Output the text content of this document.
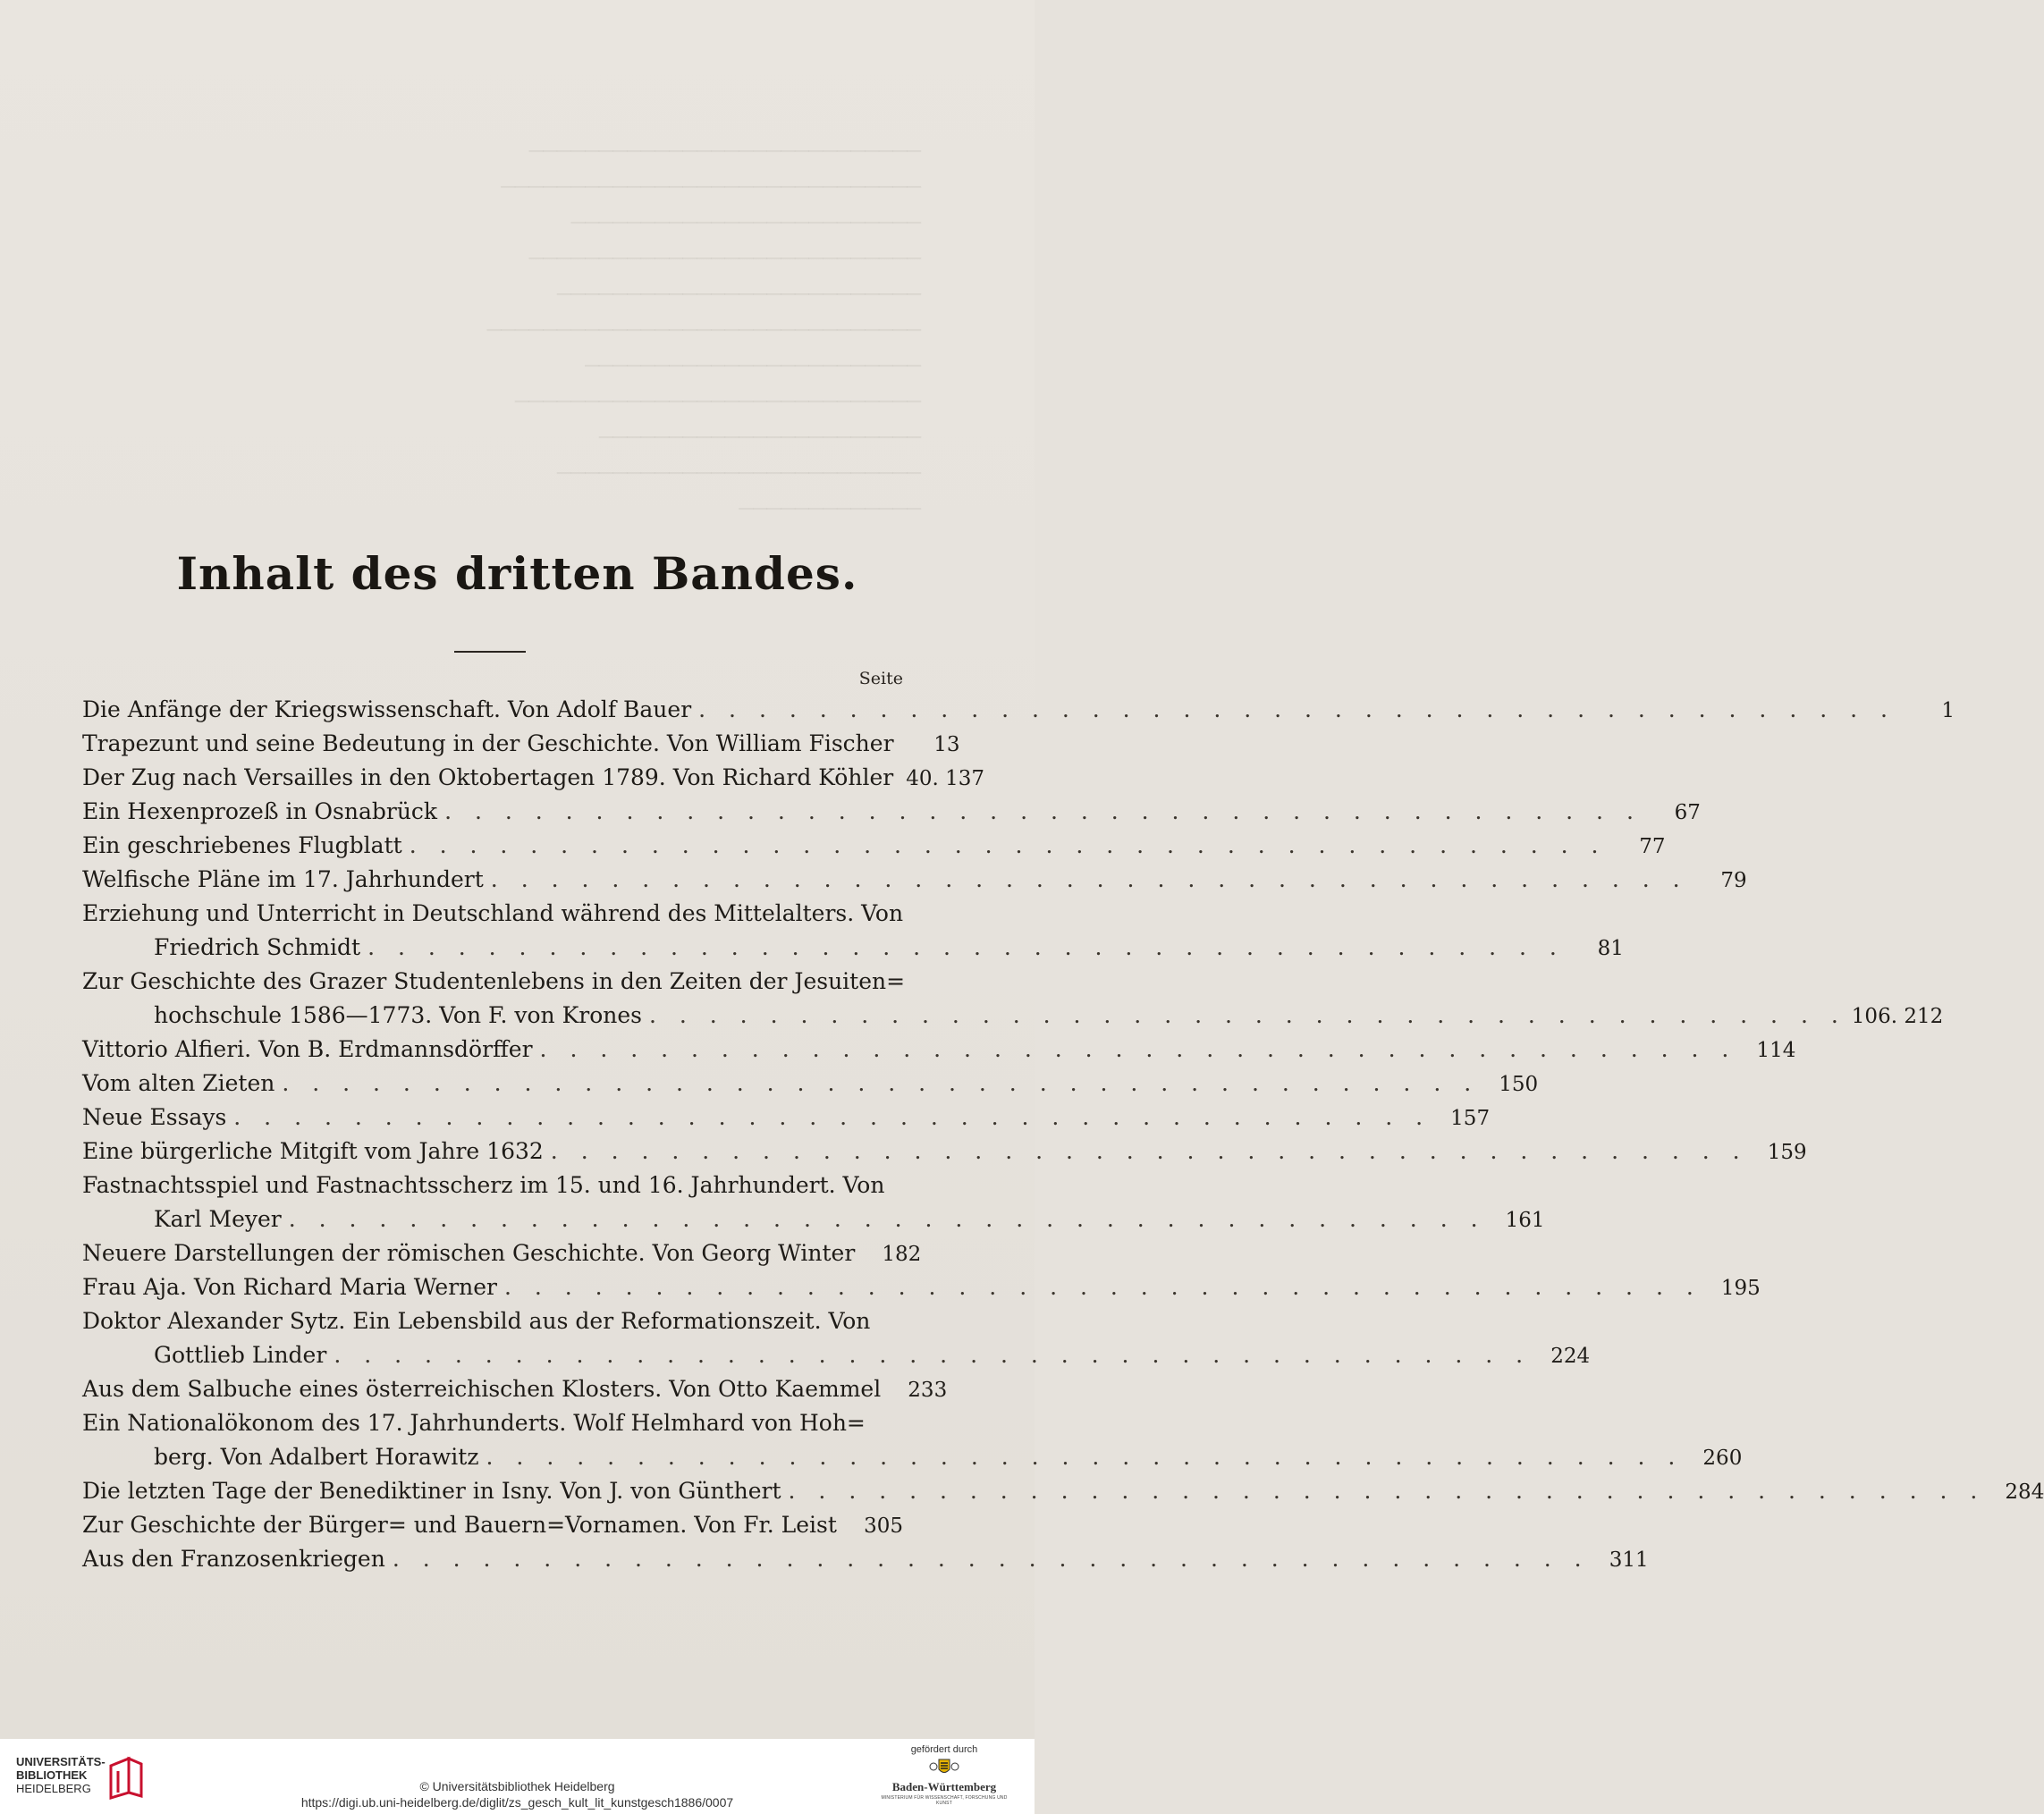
────────────────────────────
──────────────────────────────
─────────────────────────
────────────────────────────
──────────────────────────
───────────────────────────────
────────────────────────
─────────────────────────────
───────────────────────
──────────────────────────
─────────────

Inhalt des dritten Bandes.
Seite
Die Anfänge der Kriegswissenschaft. Von Adolf Bauer . . . . . . . . . . . . . . . . . . . . . . . . . . . . . . . . . . . . . . . .	1
Trapezunt und seine Bedeutung in der Geschichte. Von William Fischer	13
Der Zug nach Versailles in den Oktobertagen 1789. Von Richard Köhler 40. 137
Ein Hexenprozeß in Osnabrück . . . . . . . . . . . . . . . . . . . . . . . . . . . . . . . . . . . . . . . .	67
Ein geschriebenes Flugblatt . . . . . . . . . . . . . . . . . . . . . . . . . . . . . . . . . . . . . . . .	77
Welfische Pläne im 17. Jahrhundert . . . . . . . . . . . . . . . . . . . . . . . . . . . . . . . . . . . . . . . .	79
Erziehung und Unterricht in Deutschland während des Mittelalters. Von
Friedrich Schmidt . . . . . . . . . . . . . . . . . . . . . . . . . . . . . . . . . . . . . . . .	81
Zur Geschichte des Grazer Studentenlebens in den Zeiten der Jesuiten=
hochschule 1586—1773. Von F. von Krones . . . . . . . . . . . . . . . . . . . . . . . . . . . . . . . . . . . . . . . . 106. 212
Vittorio Alfieri. Von B. Erdmannsdörffer . . . . . . . . . . . . . . . . . . . . . . . . . . . . . . . . . . . . . . . . 114
Vom alten Zieten . . . . . . . . . . . . . . . . . . . . . . . . . . . . . . . . . . . . . . . . 150
Neue Essays . . . . . . . . . . . . . . . . . . . . . . . . . . . . . . . . . . . . . . . . 157
Eine bürgerliche Mitgift vom Jahre 1632 . . . . . . . . . . . . . . . . . . . . . . . . . . . . . . . . . . . . . . . . 159
Fastnachtsspiel und Fastnachtsscherz im 15. und 16. Jahrhundert. Von
Karl Meyer . . . . . . . . . . . . . . . . . . . . . . . . . . . . . . . . . . . . . . . . 161
Neuere Darstellungen der römischen Geschichte. Von Georg Winter	182
Frau Aja. Von Richard Maria Werner . . . . . . . . . . . . . . . . . . . . . . . . . . . . . . . . . . . . . . . . 195
Doktor Alexander Sytz. Ein Lebensbild aus der Reformationszeit. Von
Gottlieb Linder . . . . . . . . . . . . . . . . . . . . . . . . . . . . . . . . . . . . . . . . 224
Aus dem Salbuche eines österreichischen Klosters. Von Otto Kaemmel	233
Ein Nationalökonom des 17. Jahrhunderts. Wolf Helmhard von Hoh=
berg. Von Adalbert Horawitz . . . . . . . . . . . . . . . . . . . . . . . . . . . . . . . . . . . . . . . . 260
Die letzten Tage der Benediktiner in Isny. Von J. von Günthert . . . . . . . . . . . . . . . . . . . . . . . . . . . . . . . . . . . . . . . . 284
Zur Geschichte der Bürger= und Bauern=Vornamen. Von Fr. Leist	305
Aus den Franzosenkriegen . . . . . . . . . . . . . . . . . . . . . . . . . . . . . . . . . . . . . . . . 311
UNIVERSITÄTS-
BIBLIOTHEK
HEIDELBERG	© Universitätsbibliothek Heidelberg
https://digi.ub.uni-heidelberg.de/diglit/zs_gesch_kult_lit_kunstgesch1886/0007
gefördert durch
Baden-Württemberg
MINISTERIUM FÜR WISSENSCHAFT, FORSCHUNG UND KUNST
